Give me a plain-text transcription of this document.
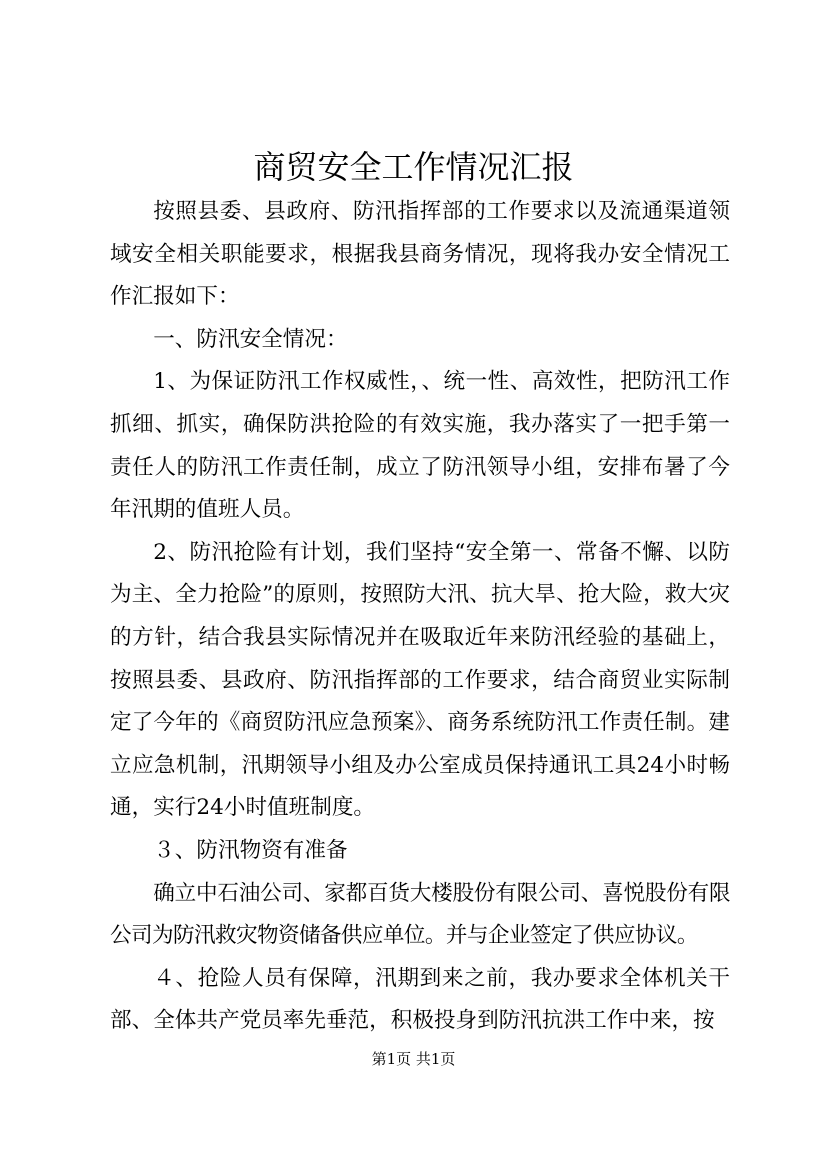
商贸安全工作情况汇报

按照县委、县政府、防汛指挥部的工作要求以及流通渠道领域安全相关职能要求，根据我县商务情况，现将我办安全情况工作汇报如下：

一、防汛安全情况：

1、为保证防汛工作权威性，、统一性、高效性，把防汛工作抓细、抓实，确保防洪抢险的有效实施，我办落实了一把手第一责任人的防汛工作责任制，成立了防汛领导小组，安排布暑了今年汛期的值班人员。

2、防汛抢险有计划，我们坚持“安全第一、常备不懈、以防为主、全力抢险”的原则，按照防大汛、抗大旱、抢大险，救大灾的方针，结合我县实际情况并在吸取近年来防汛经验的基础上，按照县委、县政府、防汛指挥部的工作要求，结合商贸业实际制定了今年的《商贸防汛应急预案》、商务系统防汛工作责任制。建立应急机制，汛期领导小组及办公室成员保持通讯工具24小时畅通，实行24小时值班制度。

３、防汛物资有准备

确立中石油公司、家都百货大楼股份有限公司、喜悦股份有限公司为防汛救灾物资储备供应单位。并与企业签定了供应协议。

４、抢险人员有保障，汛期到来之前，我办要求全体机关干部、全体共产党员率先垂范，积极投身到防汛抗洪工作中来，按

第1页 共1页
